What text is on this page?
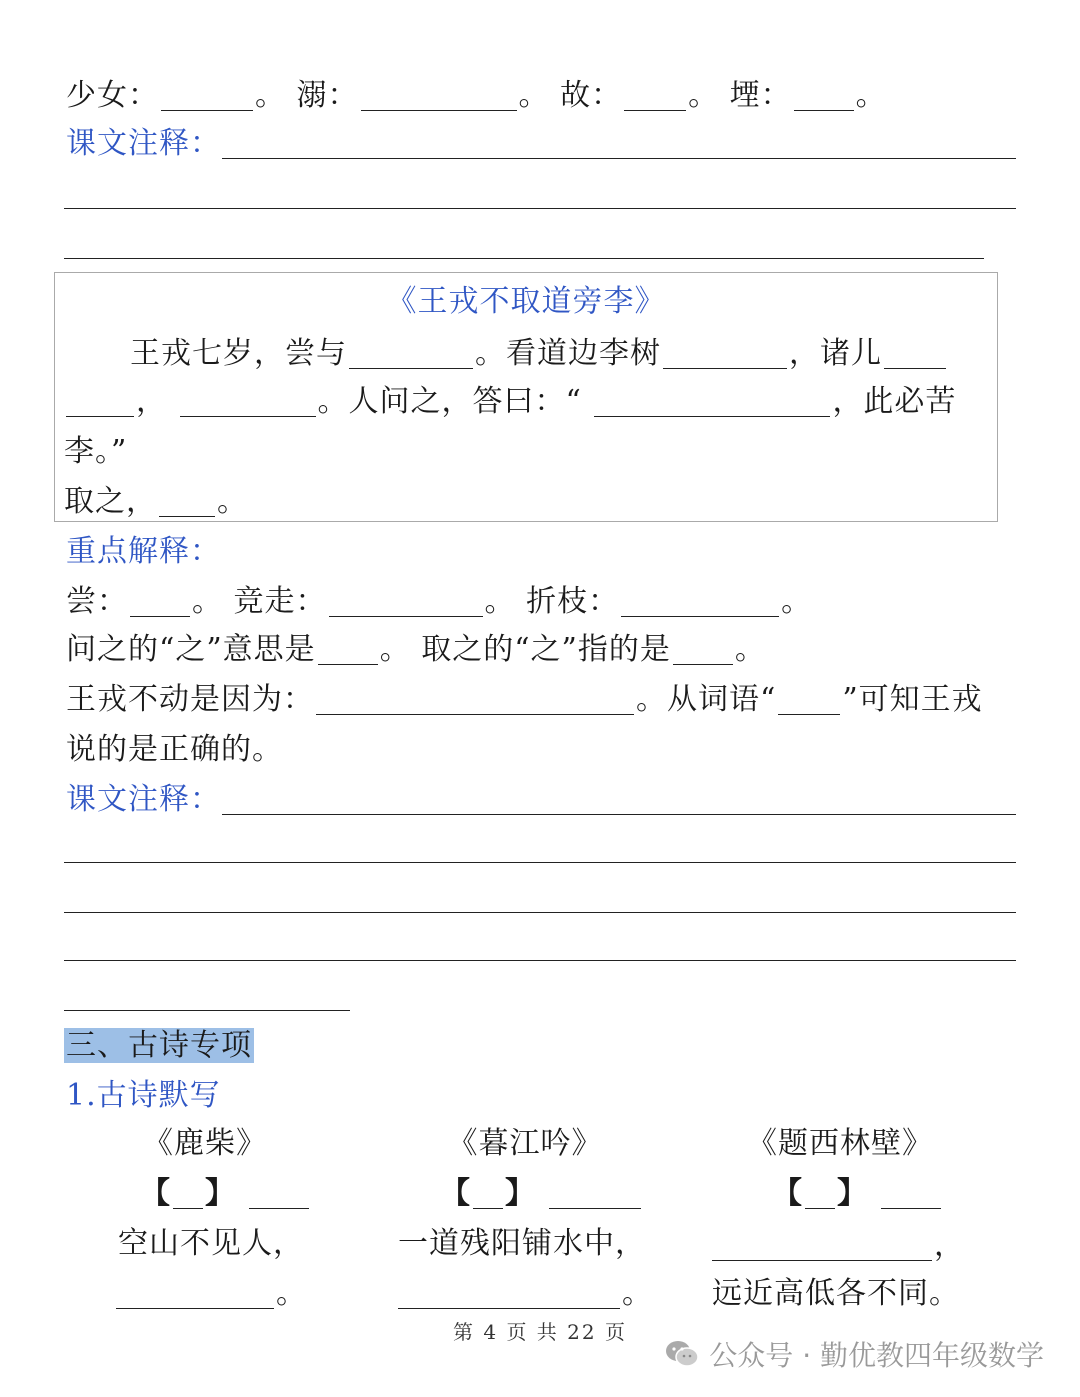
少女：	。 溺：	。 故： 。 堙： 。
课文注释：
《王戎不取道旁李》
王戎七岁，尝与	。看道边李树	，诸儿
，	。人问之，答曰：“	，此必苦
李。”
取之， 。
重点解释：
尝： 。 竞走：	。 折枝：	。
问之的“之”意思是 。 取之的“之”指的是 。
王戎不动是因为：	。从词语“ ”可知王戎
说的是正确的。
课文注释：
三、古诗专项
1.古诗默写
《鹿柴》
【 】
空山不见人，
。
《暮江吟》
【 】
一道残阳铺水中，
。
《题西林壁》
【 】
，
远近高低各不同。
第 4 页 共 22 页
公众号 · 勤优教四年级数学
